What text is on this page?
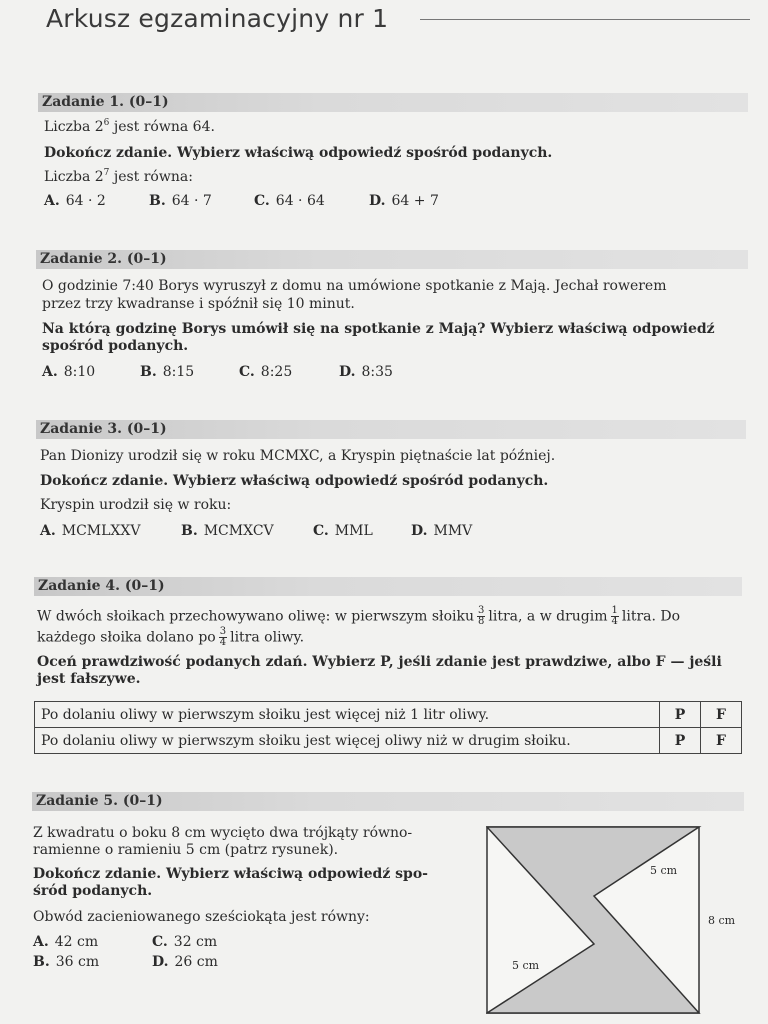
Arkusz egzaminacyjny nr 1
Zadanie 1. (0–1)
Liczba $2^6$ jest równa 64.
Dokończ zdanie. Wybierz właściwą odpowiedź spośród podanych.
Liczba $2^7$ jest równa:
A. 64 · 2	B. 64 · 7	C. 64 · 64	D. 64 + 7
Zadanie 2. (0–1)
O godzinie 7:40 Borys wyruszył z domu na umówione spotkanie z Mają. Jechał rowerem
przez trzy kwadranse i spóźnił się 10 minut.
Na którą godzinę Borys umówił się na spotkanie z Mają? Wybierz właściwą odpowiedź
spośród podanych.
A. 8:10	B. 8:15	C. 8:25	D. 8:35
Zadanie 3. (0–1)
Pan Dionizy urodził się w roku MCMXC, a Kryspin piętnaście lat później.
Dokończ zdanie. Wybierz właściwą odpowiedź spośród podanych.
Kryspin urodził się w roku:
A. MCMLXXV	B. MCMXCV	C. MML	D. MMV
Zadanie 4. (0–1)
W dwóch słoikach przechowywano oliwę: w pierwszym słoiku $\frac{3}{8}$ litra, a w drugim $\frac{1}{4}$ litra. Do
każdego słoika dolano po $\frac{3}{4}$ litra oliwy.
Oceń prawdziwość podanych zdań. Wybierz P, jeśli zdanie jest prawdziwe, albo F — jeśli
jest fałszywe.
Po dolaniu oliwy w pierwszym słoiku jest więcej niż 1 litr oliwy.	P	F
Po dolaniu oliwy w pierwszym słoiku jest więcej oliwy niż w drugim słoiku.	P	F
Zadanie 5. (0–1)
Z kwadratu o boku 8 cm wycięto dwa trójkąty równo-
ramienne o ramieniu 5 cm (patrz rysunek).
Dokończ zdanie. Wybierz właściwą odpowiedź spo-
śród podanych.
Obwód zacieniowanego sześciokąta jest równy:
A. 42 cm
B. 36 cm
C. 32 cm
D. 26 cm
5 cm
5 cm
8 cm
